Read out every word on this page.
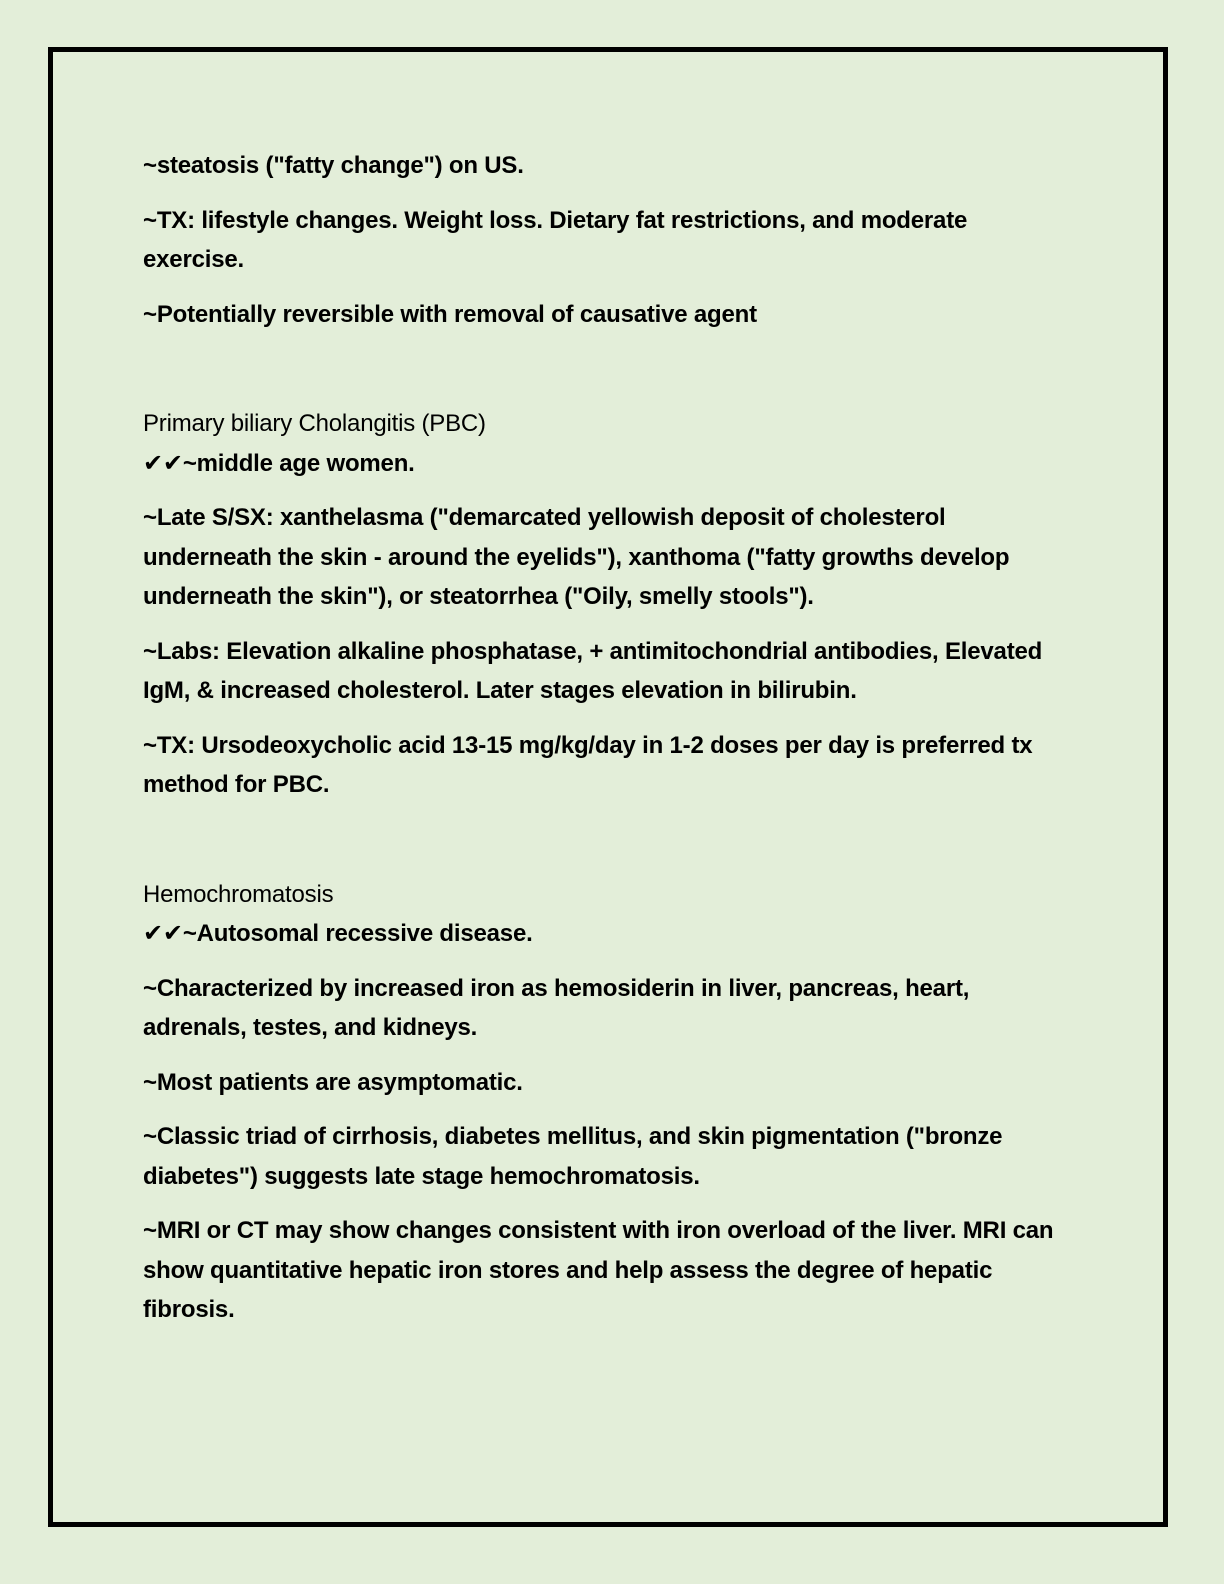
~steatosis ("fatty change") on US.

~TX: lifestyle changes. Weight loss. Dietary fat restrictions, and moderate exercise.

~Potentially reversible with removal of causative agent

Primary biliary Cholangitis (PBC)

✔✔~middle age women.

~Late S/SX: xanthelasma ("demarcated yellowish deposit of cholesterol underneath the skin - around the eyelids"), xanthoma ("fatty growths develop underneath the skin"), or steatorrhea ("Oily, smelly stools").

~Labs: Elevation alkaline phosphatase, + antimitochondrial antibodies, Elevated IgM, & increased cholesterol. Later stages elevation in bilirubin.

~TX: Ursodeoxycholic acid 13-15 mg/kg/day in 1-2 doses per day is preferred tx method for PBC.

Hemochromatosis

✔✔~Autosomal recessive disease.

~Characterized by increased iron as hemosiderin in liver, pancreas, heart, adrenals, testes, and kidneys.

~Most patients are asymptomatic.

~Classic triad of cirrhosis, diabetes mellitus, and skin pigmentation ("bronze diabetes") suggests late stage hemochromatosis.

~MRI or CT may show changes consistent with iron overload of the liver. MRI can show quantitative hepatic iron stores and help assess the degree of hepatic fibrosis.
